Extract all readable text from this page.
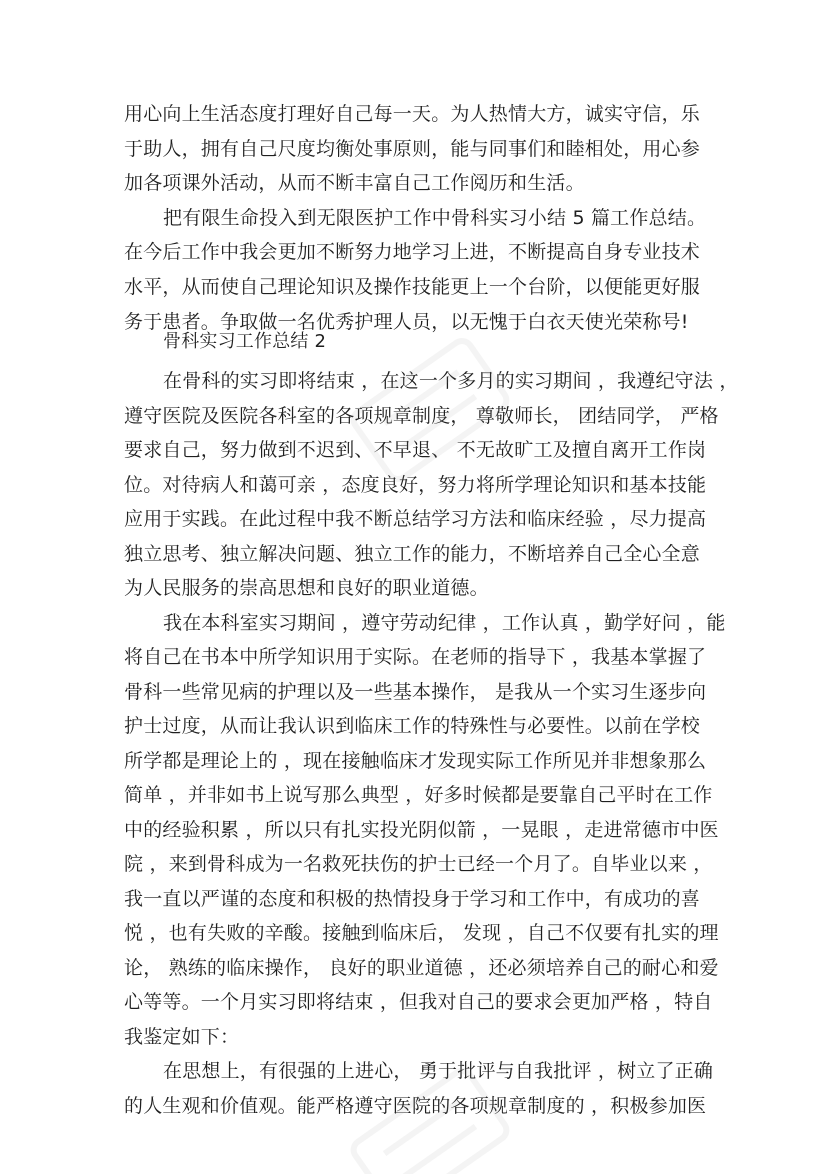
用心向上生活态度打理好自己每一天。为人热情大方，诚实守信，乐
于助人，拥有自己尺度均衡处事原则，能与同事们和睦相处，用心参
加各项课外活动，从而不断丰富自己工作阅历和生活。
把有限生命投入到无限医护工作中骨科实习小结 5 篇工作总结。
在今后工作中我会更加不断努力地学习上进，不断提高自身专业技术
水平，从而使自己理论知识及操作技能更上一个台阶，以便能更好服
务于患者。争取做一名优秀护理人员，以无愧于白衣天使光荣称号!
骨科实习工作总结 2
在骨科的实习即将结束 ，在这一个多月的实习期间 ，我遵纪守法 ，
遵守医院及医院各科室的各项规章制度， 尊敬师长， 团结同学， 严格
要求自己，努力做到不迟到、不早退、 不无故旷工及擅自离开工作岗
位。对待病人和蔼可亲 ，态度良好，努力将所学理论知识和基本技能
应用于实践。在此过程中我不断总结学习方法和临床经验 ，尽力提高
独立思考、独立解决问题、独立工作的能力，不断培养自己全心全意
为人民服务的崇高思想和良好的职业道德。
我在本科室实习期间 ，遵守劳动纪律 ，工作认真 ，勤学好问 ，能
将自己在书本中所学知识用于实际。在老师的指导下 ，我基本掌握了
骨科一些常见病的护理以及一些基本操作， 是我从一个实习生逐步向
护士过度，从而让我认识到临床工作的特殊性与必要性。以前在学校
所学都是理论上的 ，现在接触临床才发现实际工作所见并非想象那么
简单 ，并非如书上说写那么典型 ，好多时候都是要靠自己平时在工作
中的经验积累 ，所以只有扎实投光阴似箭 ，一晃眼 ，走进常德市中医
院 ，来到骨科成为一名救死扶伤的护士已经一个月了。自毕业以来 ，
我一直以严谨的态度和积极的热情投身于学习和工作中，有成功的喜
悦 ，也有失败的辛酸。接触到临床后， 发现 ，自己不仅要有扎实的理
论， 熟练的临床操作， 良好的职业道德 ，还必须培养自己的耐心和爱
心等等。一个月实习即将结束 ，但我对自己的要求会更加严格 ，特自
我鉴定如下：
在思想上，有很强的上进心， 勇于批评与自我批评 ，树立了正确
的人生观和价值观。能严格遵守医院的各项规章制度的 ，积极参加医
